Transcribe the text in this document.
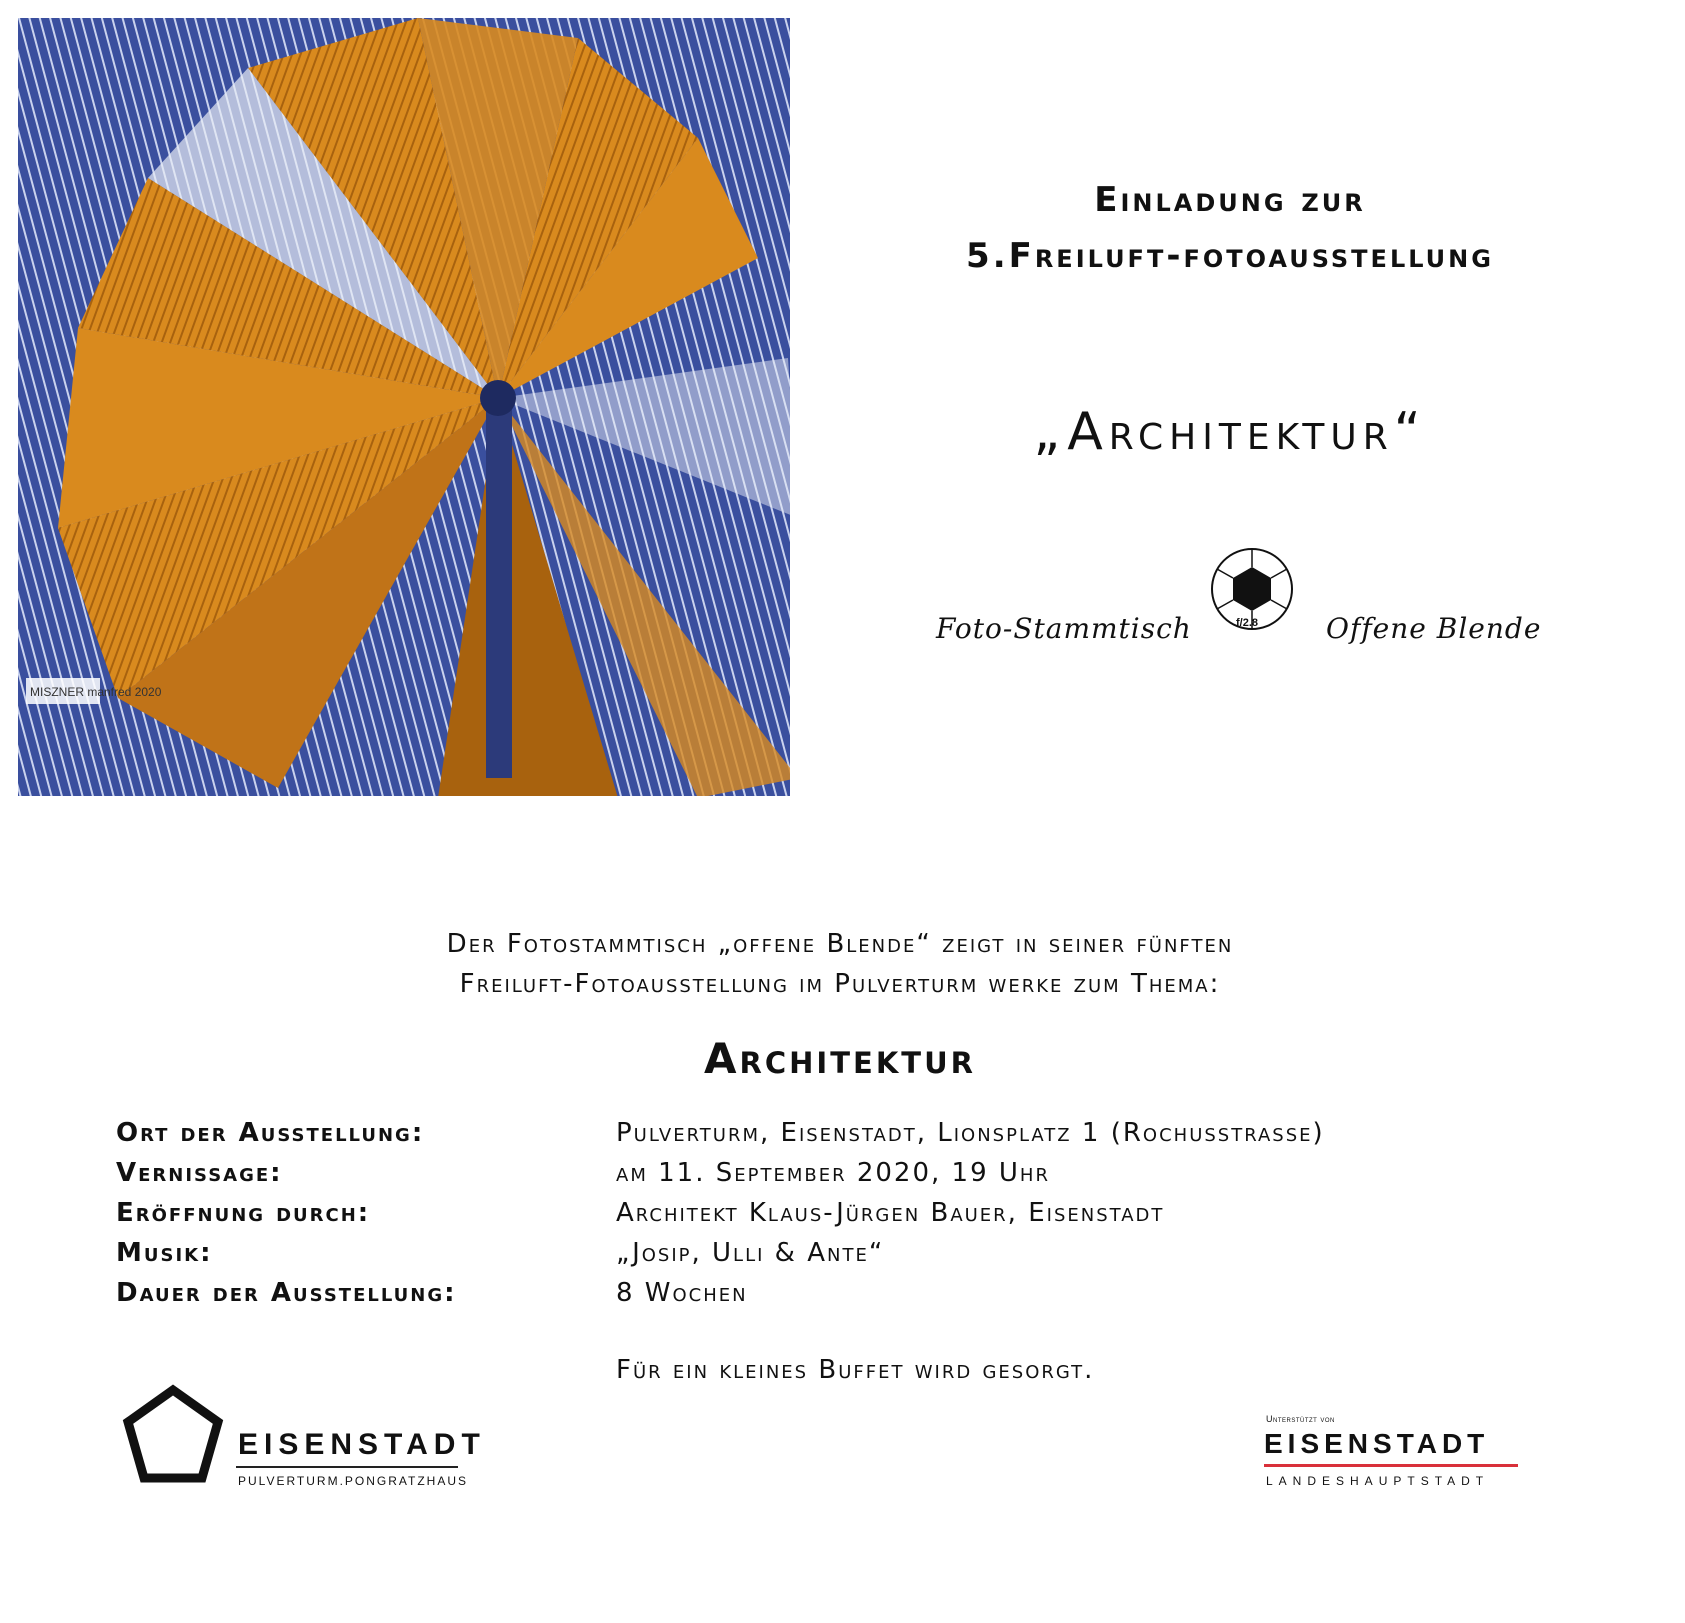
MISZNER manfred 2020
Einladung zur
5.Freiluft-fotoausstellung
„Architektur“
Foto-Stammtisch	f/2.8 Offene Blende
Der Fotostammtisch „offene Blende“ zeigt in seiner fünften
Freiluft-Fotoausstellung im Pulverturm werke zum Thema:
Architektur
Ort der Ausstellung:	Pulverturm, Eisenstadt, Lionsplatz 1 (Rochusstrasse)
Vernissage:	am 11. September 2020, 19 Uhr
Eröffnung durch:	Architekt Klaus-Jürgen Bauer, Eisenstadt
Musik:	„Josip, Ulli & Ante“
Dauer der Ausstellung:	8 Wochen
Für ein kleines Buffet wird gesorgt.
EISENSTADT
PULVERTURM.PONGRATZHAUS
Unterstützt von
EISENSTADT
LANDESHAUPTSTADT
